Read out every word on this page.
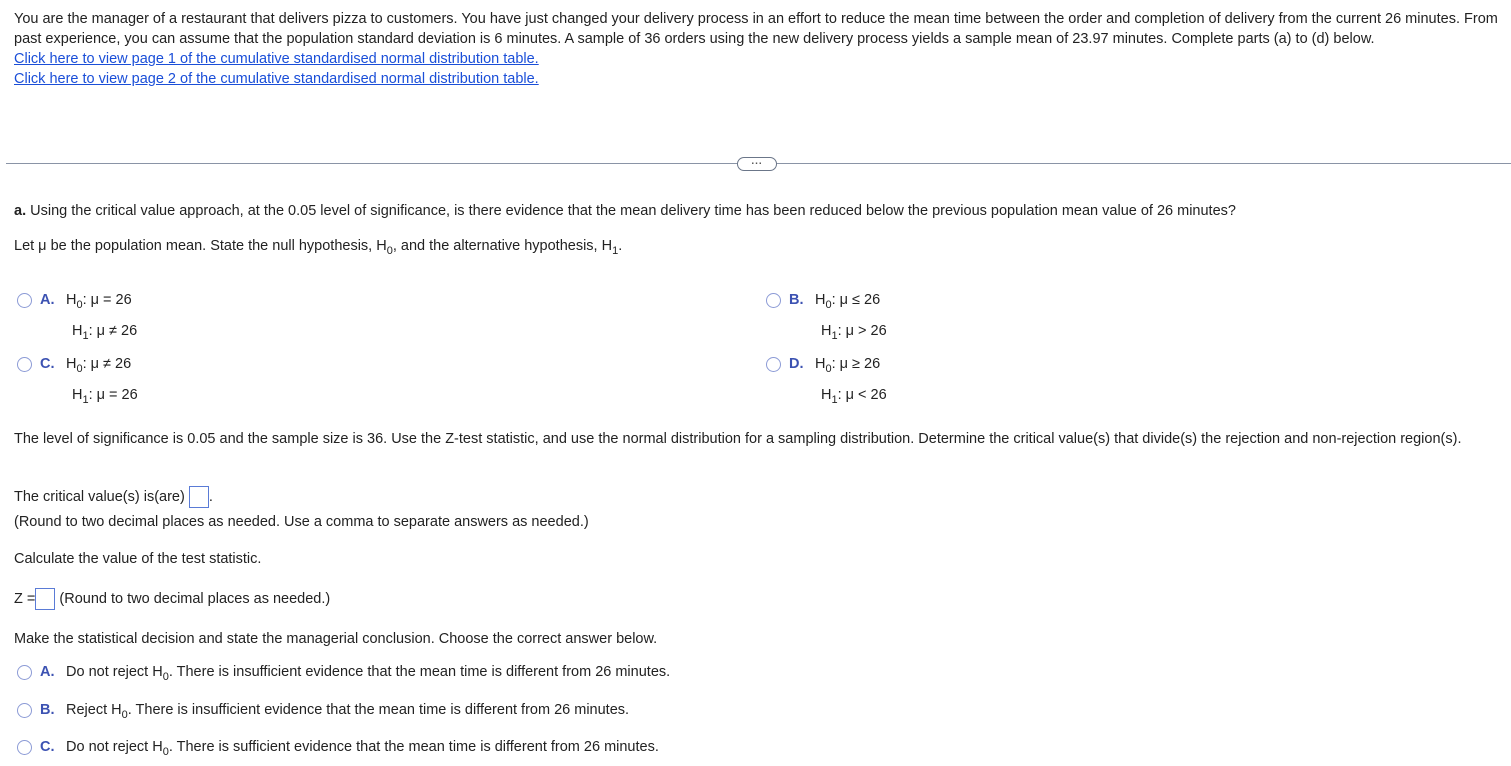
You are the manager of a restaurant that delivers pizza to customers. You have just changed your delivery process in an effort to reduce the mean time between the order and completion of delivery from the current 26 minutes. From past experience, you can assume that the population standard deviation is 6 minutes. A sample of 36 orders using the new delivery process yields a sample mean of 23.97 minutes. Complete parts (a) to (d) below.
Click here to view page 1 of the cumulative standardised normal distribution table.
Click here to view page 2 of the cumulative standardised normal distribution table.
...
a. Using the critical value approach, at the 0.05 level of significance, is there evidence that the mean delivery time has been reduced below the previous population mean value of 26 minutes?
Let μ be the population mean. State the null hypothesis, $H_0$, and the alternative hypothesis, $H_1$.
A. $H_0$: μ = 26
$H_1$: μ ≠ 26
B. $H_0$: μ ≤ 26
$H_1$: μ > 26
C. $H_0$: μ ≠ 26
$H_1$: μ = 26
D. $H_0$: μ ≥ 26
$H_1$: μ < 26
The level of significance is 0.05 and the sample size is 36. Use the Z-test statistic, and use the normal distribution for a sampling distribution. Determine the critical value(s) that divide(s) the rejection and non-rejection region(s).
The critical value(s) is(are) .
(Round to two decimal places as needed. Use a comma to separate answers as needed.)
Calculate the value of the test statistic.
Z = (Round to two decimal places as needed.)
Make the statistical decision and state the managerial conclusion. Choose the correct answer below.
A. Do not reject $H_0$. There is insufficient evidence that the mean time is different from 26 minutes.
B. Reject $H_0$. There is insufficient evidence that the mean time is different from 26 minutes.
C. Do not reject $H_0$. There is sufficient evidence that the mean time is different from 26 minutes.
